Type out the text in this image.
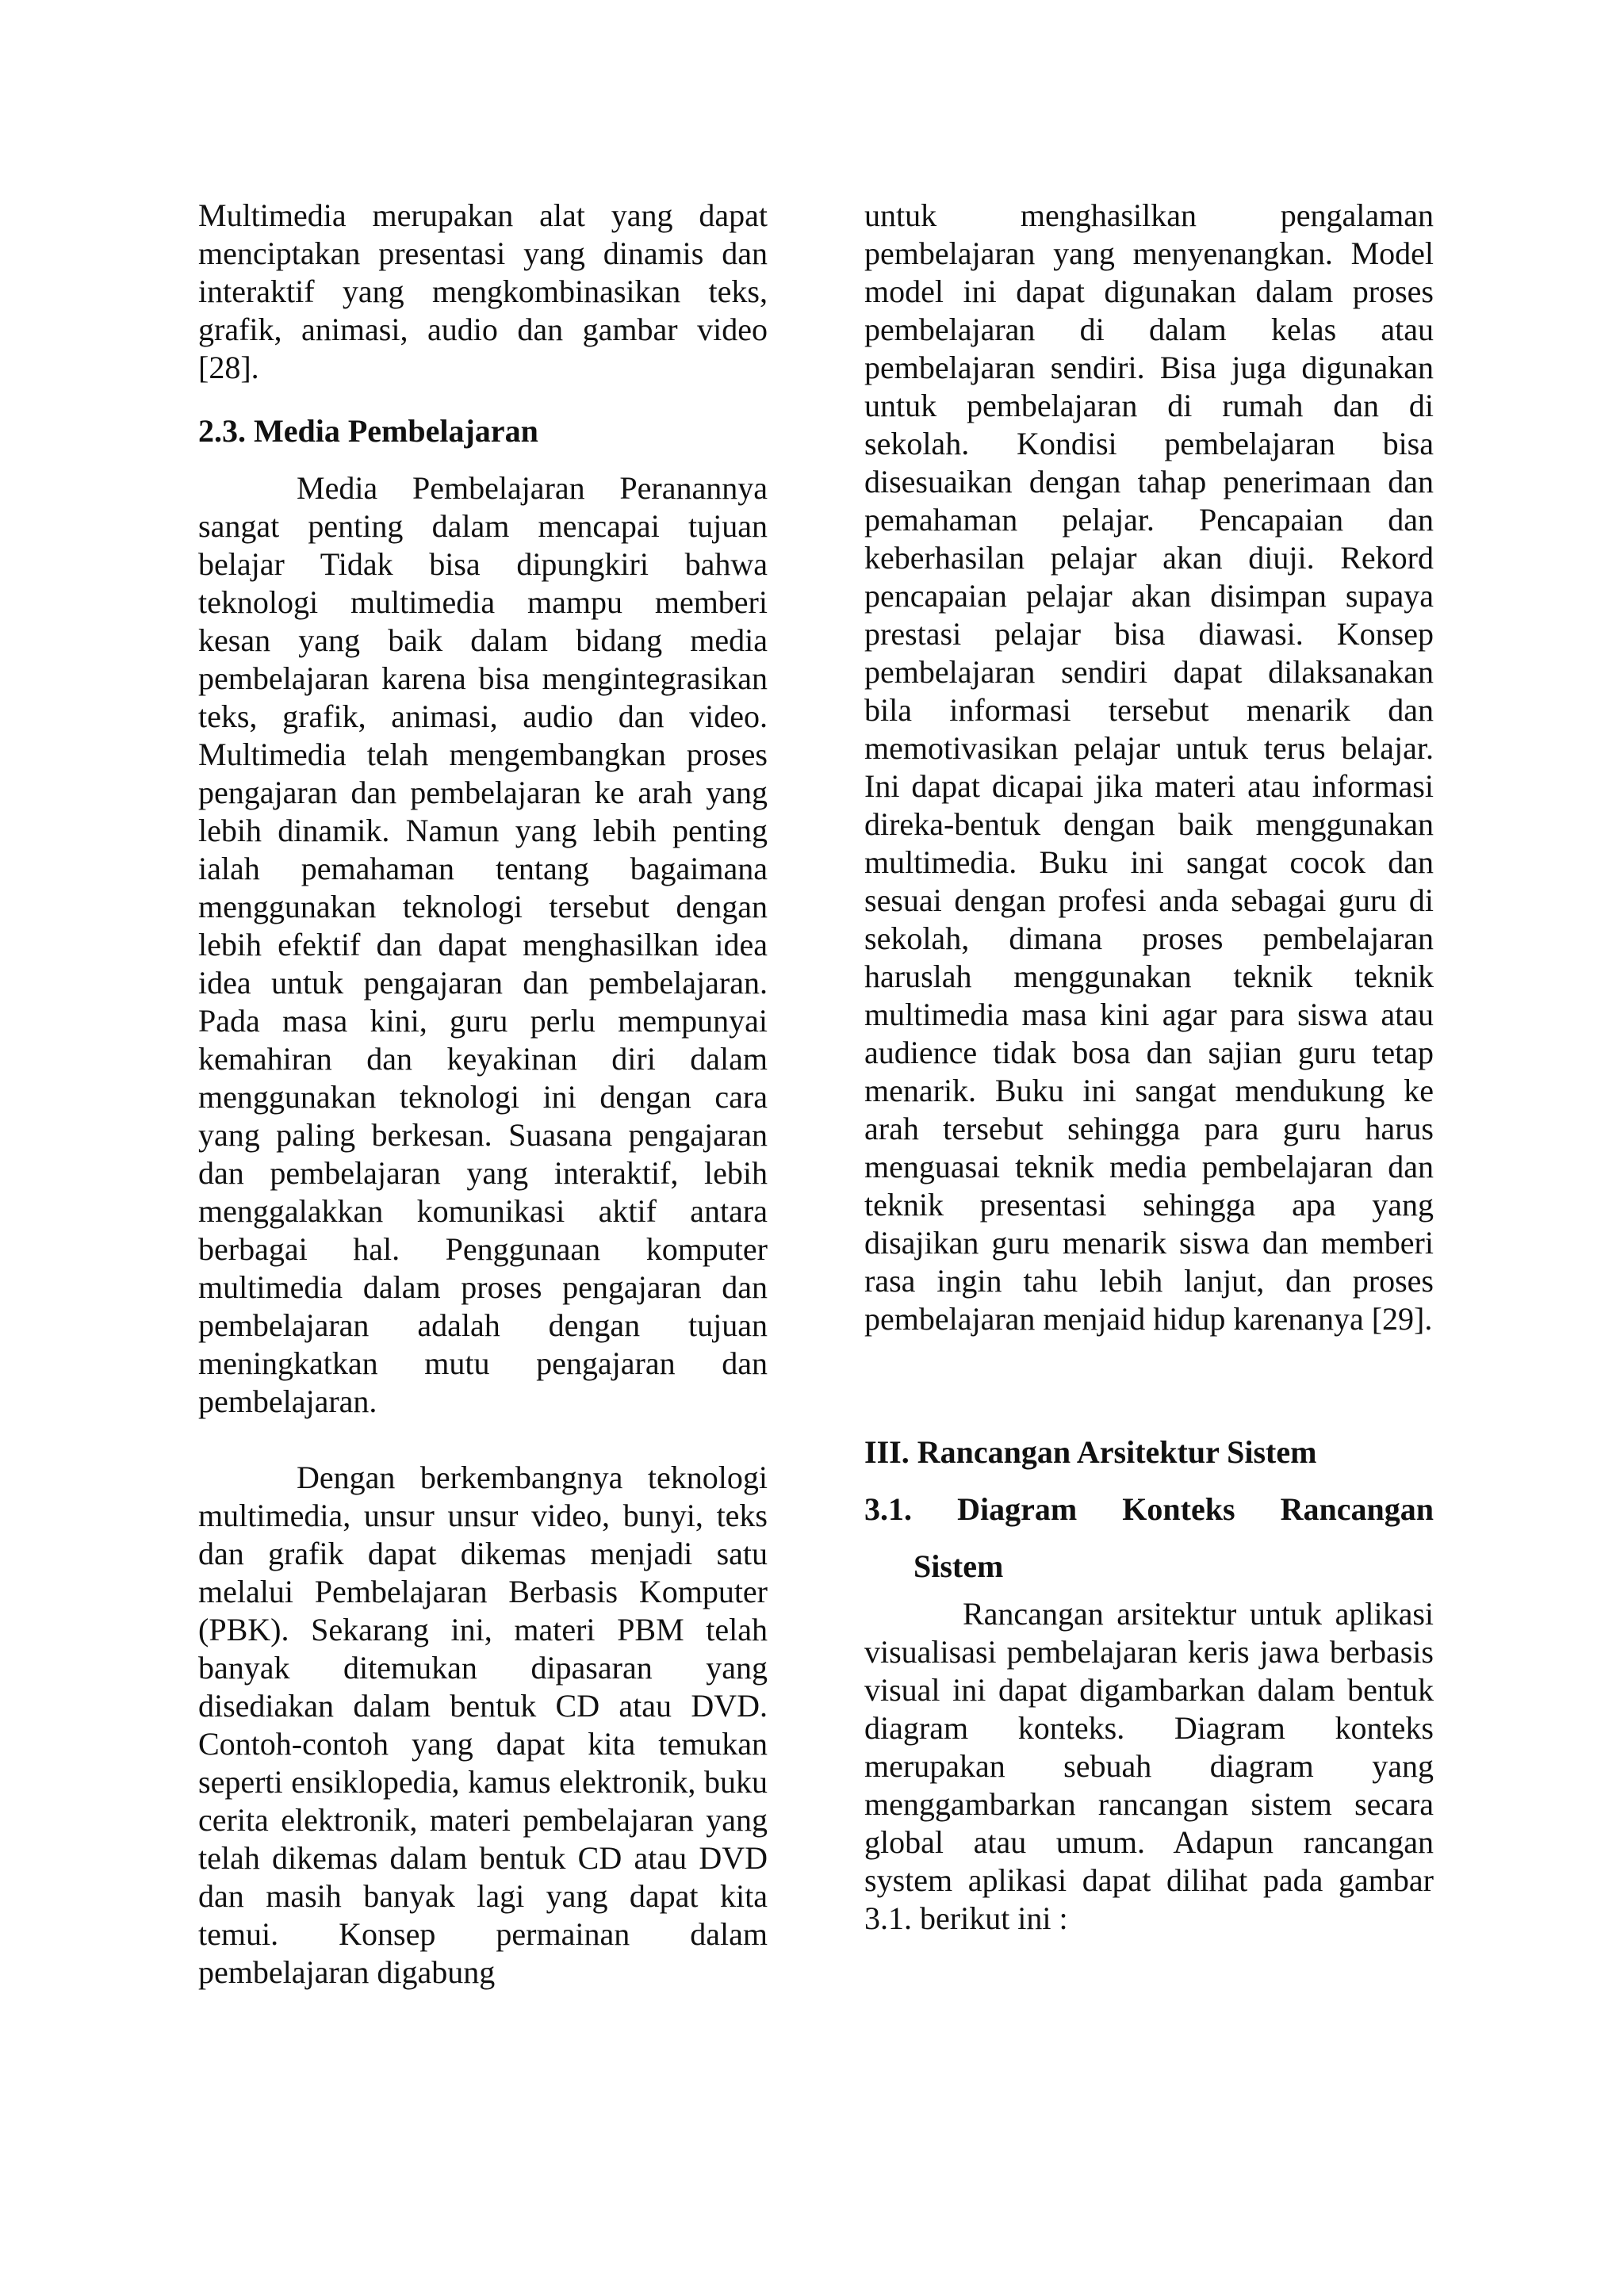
Multimedia merupakan alat yang dapat menciptakan presentasi yang dinamis dan interaktif yang mengkombinasikan teks, grafik, animasi, audio dan gambar video [28].

2.3. Media Pembelajaran

Media Pembelajaran Peranannya sangat penting dalam mencapai tujuan belajar Tidak bisa dipungkiri bahwa teknologi multimedia mampu memberi kesan yang baik dalam bidang media pembelajaran karena bisa mengintegrasikan teks, grafik, animasi, audio dan video. Multimedia telah mengembangkan proses pengajaran dan pembelajaran ke arah yang lebih dinamik. Namun yang lebih penting ialah pemahaman tentang bagaimana menggunakan teknologi tersebut dengan lebih efektif dan dapat menghasilkan idea idea untuk pengajaran dan pembelajaran. Pada masa kini, guru perlu mempunyai kemahiran dan keyakinan diri dalam menggunakan teknologi ini dengan cara yang paling berkesan. Suasana pengajaran dan pembelajaran yang interaktif, lebih menggalakkan komunikasi aktif antara berbagai hal. Penggunaan komputer multimedia dalam proses pengajaran dan pembelajaran adalah dengan tujuan meningkatkan mutu pengajaran dan pembelajaran.

Dengan berkembangnya teknologi multimedia, unsur unsur video, bunyi, teks dan grafik dapat dikemas menjadi satu melalui Pembelajaran Berbasis Komputer (PBK). Sekarang ini, materi PBM telah banyak ditemukan dipasaran yang disediakan dalam bentuk CD atau DVD. Contoh-contoh yang dapat kita temukan seperti ensiklopedia, kamus elektronik, buku cerita elektronik, materi pembelajaran yang telah dikemas dalam bentuk CD atau DVD dan masih banyak lagi yang dapat kita temui. Konsep permainan dalam pembelajaran digabung

untuk menghasilkan pengalaman pembelajaran yang menyenangkan. Model model ini dapat digunakan dalam proses pembelajaran di dalam kelas atau pembelajaran sendiri. Bisa juga digunakan untuk pembelajaran di rumah dan di sekolah. Kondisi pembelajaran bisa disesuaikan dengan tahap penerimaan dan pemahaman pelajar. Pencapaian dan keberhasilan pelajar akan diuji. Rekord pencapaian pelajar akan disimpan supaya prestasi pelajar bisa diawasi. Konsep pembelajaran sendiri dapat dilaksanakan bila informasi tersebut menarik dan memotivasikan pelajar untuk terus belajar. Ini dapat dicapai jika materi atau informasi direka-bentuk dengan baik menggunakan multimedia. Buku ini sangat cocok dan sesuai dengan profesi anda sebagai guru di sekolah, dimana proses pembelajaran haruslah menggunakan teknik teknik multimedia masa kini agar para siswa atau audience tidak bosa dan sajian guru tetap menarik. Buku ini sangat mendukung ke arah tersebut sehingga para guru harus menguasai teknik media pembelajaran dan teknik presentasi sehingga apa yang disajikan guru menarik siswa dan memberi rasa ingin tahu lebih lanjut, dan proses pembelajaran menjaid hidup karenanya [29].

III. Rancangan Arsitektur Sistem
3.1. Diagram Konteks Rancangan
Sistem

Rancangan arsitektur untuk aplikasi visualisasi pembelajaran keris jawa berbasis visual ini dapat digambarkan dalam bentuk diagram konteks. Diagram konteks merupakan sebuah diagram yang menggambarkan rancangan sistem secara global atau umum. Adapun rancangan system aplikasi dapat dilihat pada gambar 3.1. berikut ini :
